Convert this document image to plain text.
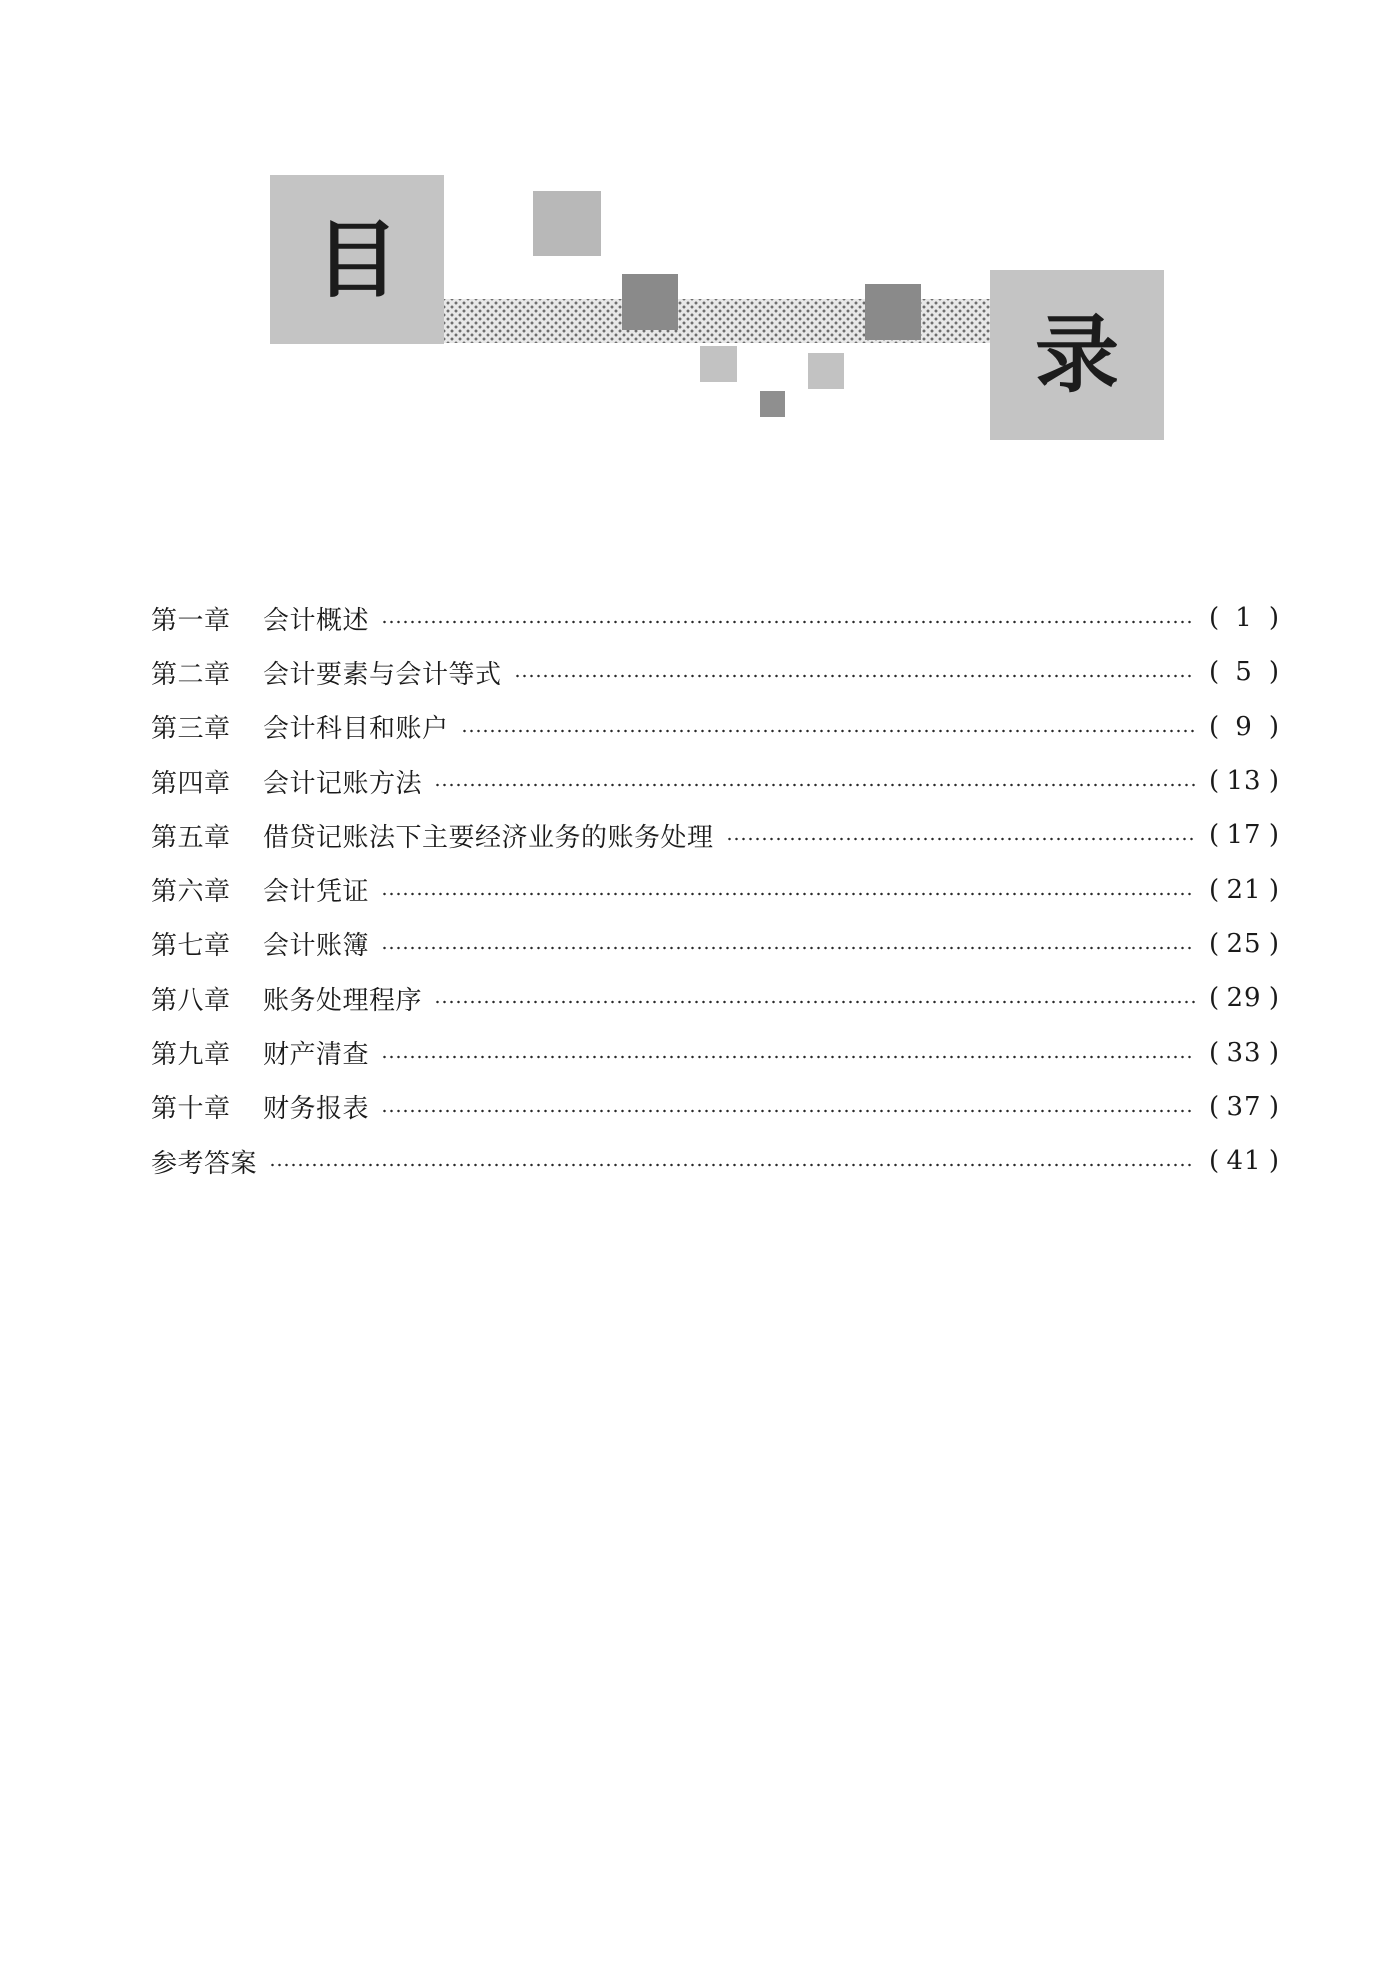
目
录
第一章	会计概述	( 1 )
第二章	会计要素与会计等式	( 5 )
第三章	会计科目和账户	( 9 )
第四章	会计记账方法	( 13 )
第五章	借贷记账法下主要经济业务的账务处理	( 17 )
第六章	会计凭证	( 21 )
第七章	会计账簿	( 25 )
第八章	账务处理程序	( 29 )
第九章	财产清查	( 33 )
第十章	财务报表	( 37 )
参考答案	( 41 )
